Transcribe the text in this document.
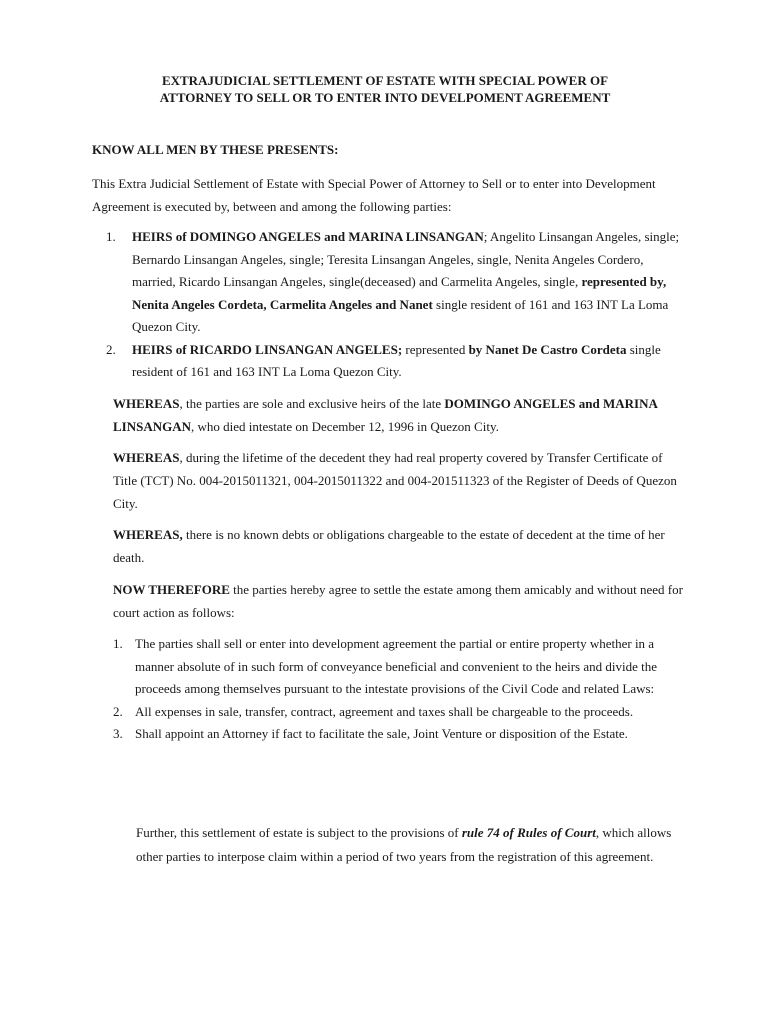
EXTRAJUDICIAL SETTLEMENT OF ESTATE WITH SPECIAL POWER OF
ATTORNEY TO SELL OR TO ENTER INTO DEVELPOMENT AGREEMENT
KNOW ALL MEN BY THESE PRESENTS:
This Extra Judicial Settlement of Estate with Special Power of Attorney to Sell or to enter into Development Agreement is executed by, between and among the following parties:
1. HEIRS of DOMINGO ANGELES and MARINA LINSANGAN; Angelito Linsangan Angeles, single; Bernardo Linsangan Angeles, single; Teresita Linsangan Angeles, single, Nenita Angeles Cordero, married, Ricardo Linsangan Angeles, single(deceased) and Carmelita Angeles, single, represented by, Nenita Angeles Cordeta, Carmelita Angeles and Nanet single resident of 161 and 163 INT La Loma Quezon City.
2. HEIRS of RICARDO LINSANGAN ANGELES; represented by Nanet De Castro Cordeta single resident of 161 and 163 INT La Loma Quezon City.
WHEREAS, the parties are sole and exclusive heirs of the late DOMINGO ANGELES and MARINA LINSANGAN, who died intestate on December 12, 1996 in Quezon City.
WHEREAS, during the lifetime of the decedent they had real property covered by Transfer Certificate of Title (TCT) No. 004-2015011321, 004-2015011322 and 004-201511323 of the Register of Deeds of Quezon City.
WHEREAS, there is no known debts or obligations chargeable to the estate of decedent at the time of her death.
NOW THEREFORE the parties hereby agree to settle the estate among them amicably and without need for court action as follows:
1. The parties shall sell or enter into development agreement the partial or entire property whether in a manner absolute of in such form of conveyance beneficial and convenient to the heirs and divide the proceeds among themselves pursuant to the intestate provisions of the Civil Code and related Laws:
2. All expenses in sale, transfer, contract, agreement and taxes shall be chargeable to the proceeds.
3. Shall appoint an Attorney if fact to facilitate the sale, Joint Venture or disposition of the Estate.
Further, this settlement of estate is subject to the provisions of rule 74 of Rules of Court, which allows other parties to interpose claim within a period of two years from the registration of this agreement.
